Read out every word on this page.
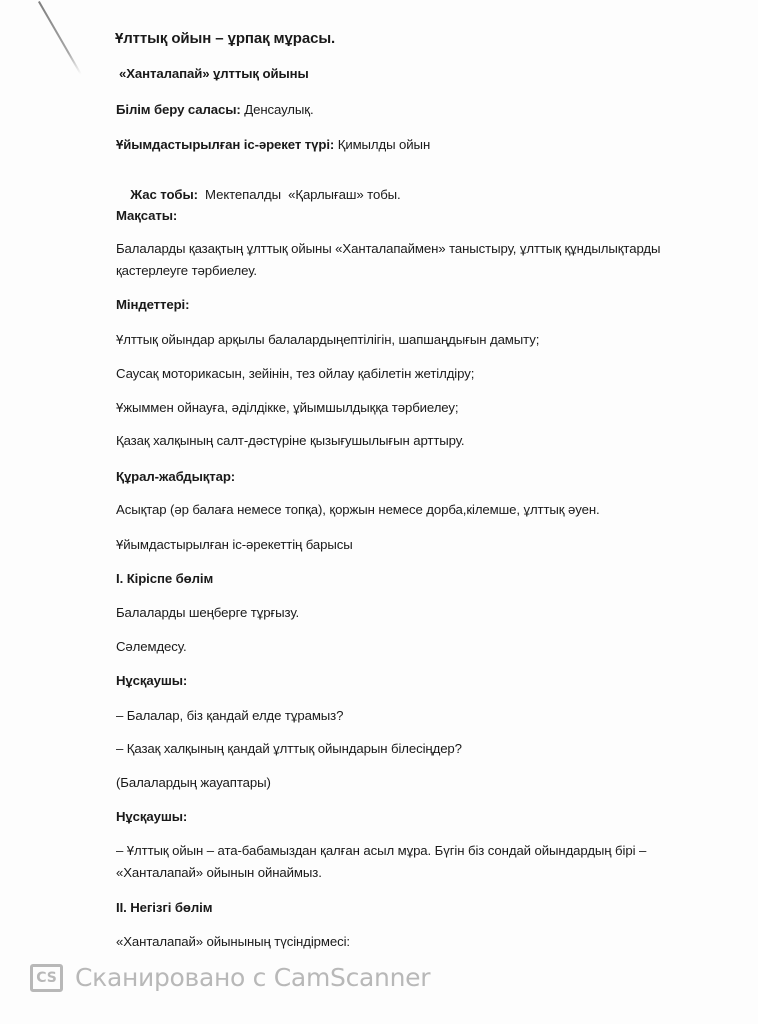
Ұлттық ойын – ұрпақ мұрасы.
«Ханталапай» ұлттық ойыны
Білім беру саласы: Денсаулық.
Ұйымдастырылған іс-әрекет түрі: Қимылды ойын

Жас тобы:  Мектепалды  «Қарлығаш» тобы.

Мақсаты:
Балаларды қазақтың ұлттық ойыны «Ханталапаймен» таныстыру, ұлттық құндылықтарды
қастерлеуге тәрбиелеу.
Міндеттері:
Ұлттық ойындар арқылы балалардыңептілігін, шапшаңдығын дамыту;
Саусақ моторикасын, зейінін, тез ойлау қабілетін жетілдіру;
Ұжыммен ойнауға, әділдікке, ұйымшылдыққа тәрбиелеу;
Қазақ халқының салт-дәстүріне қызығушылығын арттыру.
Құрал-жабдықтар:
Асықтар (әр балаға немесе топқа), қоржын немесе дорба,кілемше, ұлттық әуен.
Ұйымдастырылған іс-әрекеттің барысы
I. Кіріспе бөлім
Балаларды шеңберге тұрғызу.
Сәлемдесу.
Нұсқаушы:
– Балалар, біз қандай елде тұрамыз?
– Қазақ халқының қандай ұлттық ойындарын білесіңдер?
(Балалардың жауаптары)
Нұсқаушы:
– Ұлттық ойын – ата-бабамыздан қалған асыл мұра. Бүгін біз сондай ойындардың бірі –
«Ханталапай» ойынын ойнаймыз.
II. Негізгі бөлім
«Ханталапай» ойынының түсіндірмесі:
CS Сканировано с CamScanner
